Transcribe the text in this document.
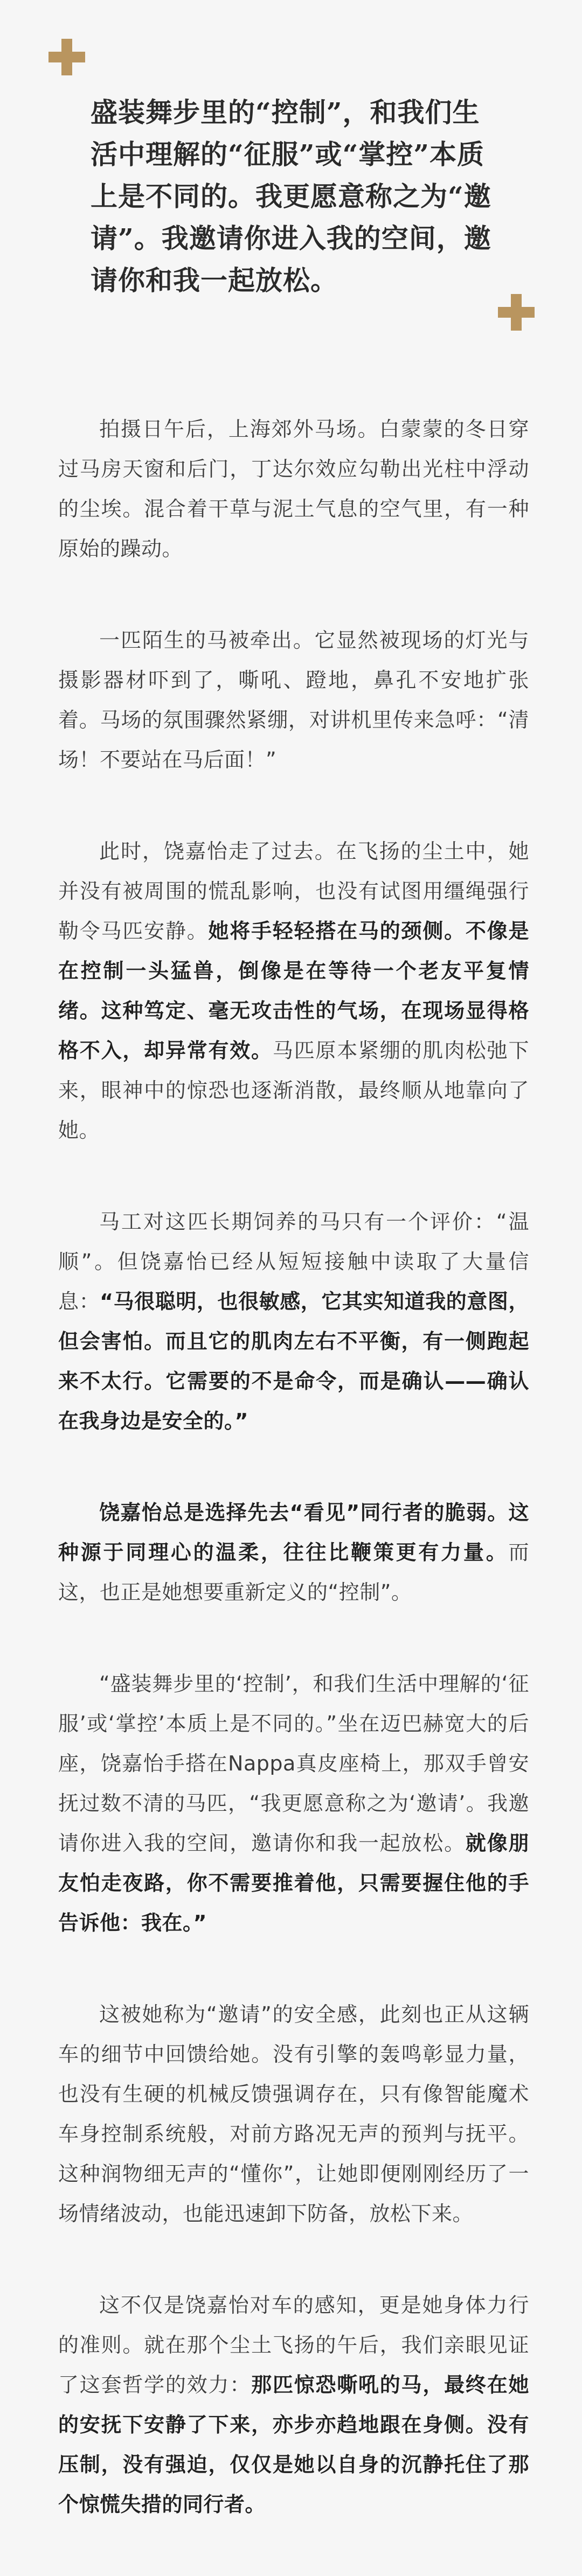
盛装舞步里的“控制”，和我们生活中理解的“征服”或“掌控”本质上是不同的。我更愿意称之为“邀请”。我邀请你进入我的空间，邀请你和我一起放松。

拍摄日午后，上海郊外马场。白蒙蒙的冬日穿过马房天窗和后门，丁达尔效应勾勒出光柱中浮动的尘埃。混合着干草与泥土气息的空气里，有一种原始的躁动。

一匹陌生的马被牵出。它显然被现场的灯光与摄影器材吓到了，嘶吼、蹬地，鼻孔不安地扩张着。马场的氛围骤然紧绷，对讲机里传来急呼：“清场！不要站在马后面！”

此时，饶嘉怡走了过去。在飞扬的尘土中，她并没有被周围的慌乱影响，也没有试图用缰绳强行勒令马匹安静。她将手轻轻搭在马的颈侧。不像是在控制一头猛兽，倒像是在等待一个老友平复情绪。这种笃定、毫无攻击性的气场，在现场显得格格不入，却异常有效。马匹原本紧绷的肌肉松弛下来，眼神中的惊恐也逐渐消散，最终顺从地靠向了她。

马工对这匹长期饲养的马只有一个评价：“温顺”。但饶嘉怡已经从短短接触中读取了大量信息：“马很聪明，也很敏感，它其实知道我的意图，但会害怕。而且它的肌肉左右不平衡，有一侧跑起来不太行。它需要的不是命令，而是确认——确认在我身边是安全的。”

饶嘉怡总是选择先去“看见”同行者的脆弱。这种源于同理心的温柔，往往比鞭策更有力量。而这，也正是她想要重新定义的“控制”。

“盛装舞步里的‘控制’，和我们生活中理解的‘征服’或‘掌控’本质上是不同的。”坐在迈巴赫宽大的后座，饶嘉怡手搭在Nappa真皮座椅上，那双手曾安抚过数不清的马匹，“我更愿意称之为‘邀请’。我邀请你进入我的空间，邀请你和我一起放松。就像朋友怕走夜路，你不需要推着他，只需要握住他的手告诉他：我在。”

这被她称为“邀请”的安全感，此刻也正从这辆车的细节中回馈给她。没有引擎的轰鸣彰显力量，也没有生硬的机械反馈强调存在，只有像智能魔术车身控制系统般，对前方路况无声的预判与抚平。这种润物细无声的“懂你”，让她即便刚刚经历了一场情绪波动，也能迅速卸下防备，放松下来。

这不仅是饶嘉怡对车的感知，更是她身体力行的准则。就在那个尘土飞扬的午后，我们亲眼见证了这套哲学的效力：那匹惊恐嘶吼的马，最终在她的安抚下安静了下来，亦步亦趋地跟在身侧。没有压制，没有强迫，仅仅是她以自身的沉静托住了那个惊慌失措的同行者。
